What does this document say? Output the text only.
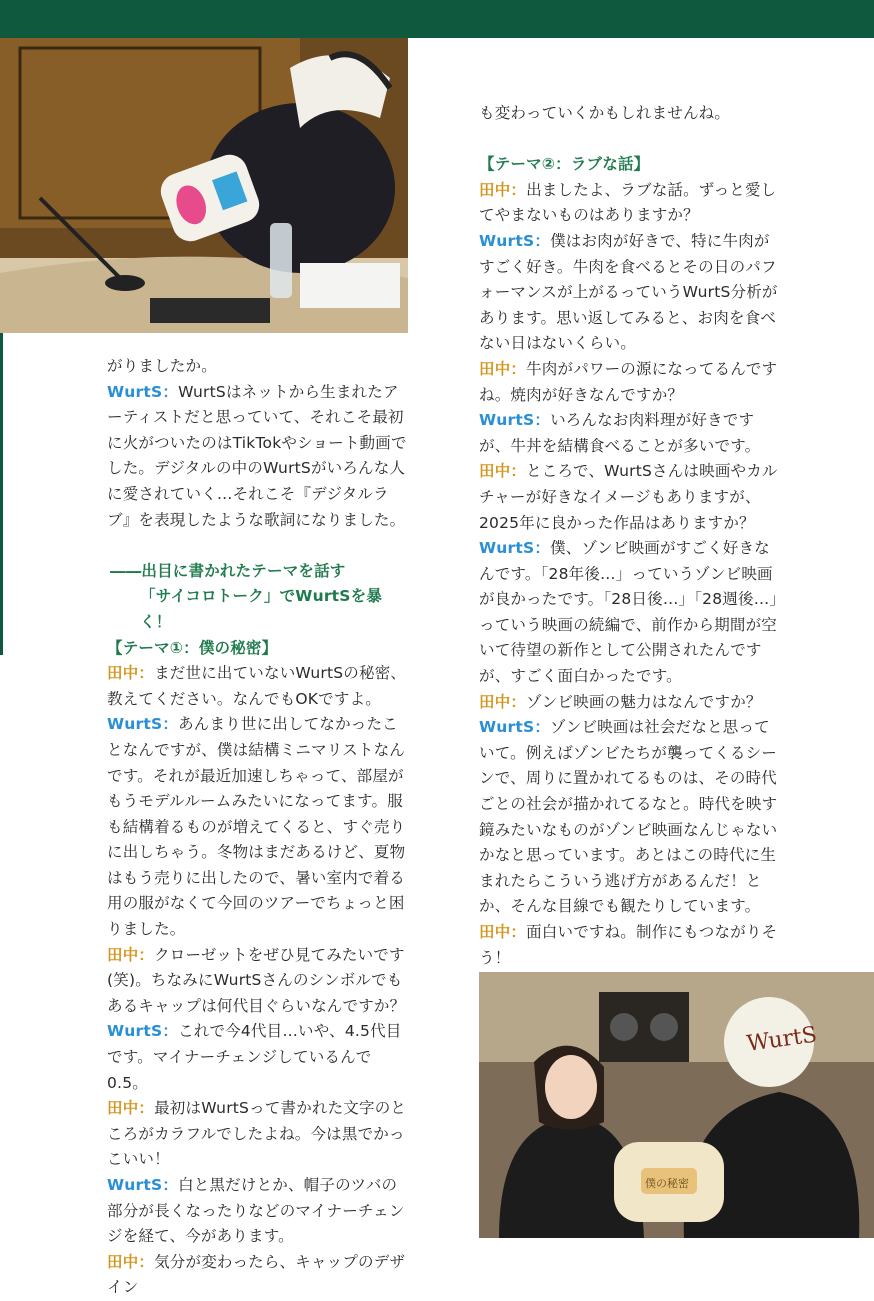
がりましたか。

WurtS：WurtSはネットから生まれたアーティストだと思っていて、それこそ最初に火がついたのはTikTokやショート動画でした。デジタルの中のWurtSがいろんな人に愛されていく…それこそ『デジタルラブ』を表現したような歌詞になりました。

――出目に書かれたテーマを話す

「サイコロトーク」でWurtSを暴く！

【テーマ①：僕の秘密】

田中：まだ世に出ていないWurtSの秘密、教えてください。なんでもOKですよ。

WurtS：あんまり世に出してなかったことなんですが、僕は結構ミニマリストなんです。それが最近加速しちゃって、部屋がもうモデルルームみたいになってます。服も結構着るものが増えてくると、すぐ売りに出しちゃう。冬物はまだあるけど、夏物はもう売りに出したので、暑い室内で着る用の服がなくて今回のツアーでちょっと困りました。

田中：クローゼットをぜひ見てみたいです(笑)。ちなみにWurtSさんのシンボルでもあるキャップは何代目ぐらいなんですか？

WurtS：これで今4代目…いや、4.5代目です。マイナーチェンジしているんで0.5。

田中：最初はWurtSって書かれた文字のところがカラフルでしたよね。今は黒でかっこいい！

WurtS：白と黒だけとか、帽子のツバの部分が長くなったりなどのマイナーチェンジを経て、今があります。

田中：気分が変わったら、キャップのデザイン

も変わっていくかもしれませんね。

【テーマ②：ラブな話】

田中：出ましたよ、ラブな話。ずっと愛してやまないものはありますか？

WurtS：僕はお肉が好きで、特に牛肉がすごく好き。牛肉を食べるとその日のパフォーマンスが上がるっていうWurtS分析があります。思い返してみると、お肉を食べない日はないくらい。

田中：牛肉がパワーの源になってるんですね。焼肉が好きなんですか？

WurtS：いろんなお肉料理が好きですが、牛丼を結構食べることが多いです。

田中：ところで、WurtSさんは映画やカルチャーが好きなイメージもありますが、2025年に良かった作品はありますか？

WurtS：僕、ゾンビ映画がすごく好きなんです。「28年後…」っていうゾンビ映画が良かったです。「28日後…」「28週後…」っていう映画の続編で、前作から期間が空いて待望の新作として公開されたんですが、すごく面白かったです。

田中：ゾンビ映画の魅力はなんですか？

WurtS：ゾンビ映画は社会だなと思っていて。例えばゾンビたちが襲ってくるシーンで、周りに置かれてるものは、その時代ごとの社会が描かれてるなと。時代を映す鏡みたいなものがゾンビ映画なんじゃないかなと思っています。あとはこの時代に生まれたらこういう逃げ方があるんだ！とか、そんな目線でも観たりしています。

田中：面白いですね。制作にもつながりそう！

WurtS
僕の秘密
